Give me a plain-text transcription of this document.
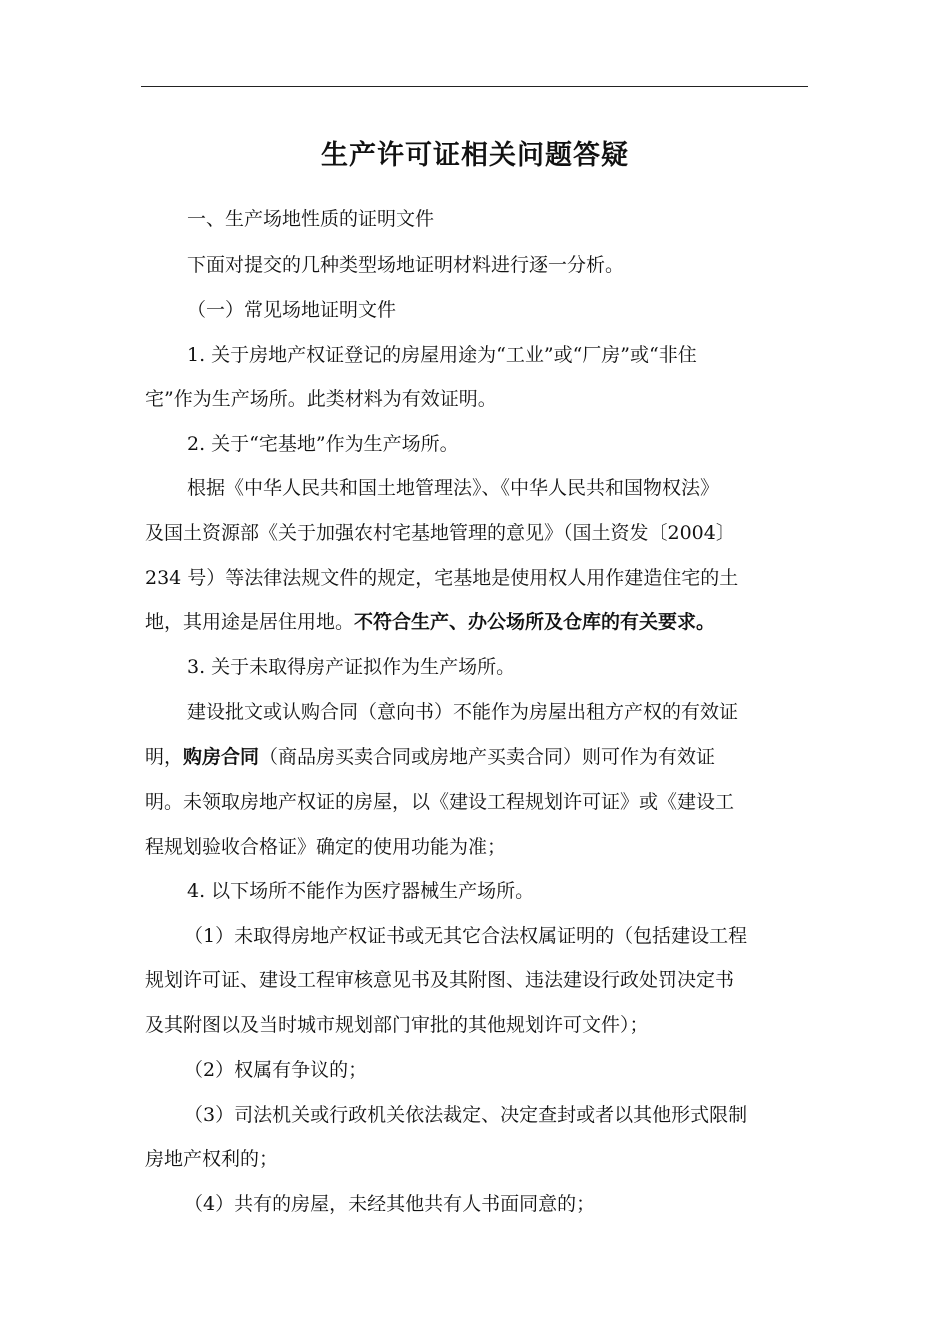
生产许可证相关问题答疑
一、生产场地性质的证明文件
下面对提交的几种类型场地证明材料进行逐一分析。
（一）常见场地证明文件
1. 关于房地产权证登记的房屋用途为“工业”或“厂房”或“非住
宅”作为生产场所。此类材料为有效证明。
2. 关于“宅基地”作为生产场所。
根据《中华人民共和国土地管理法》、《中华人民共和国物权法》
及国土资源部《关于加强农村宅基地管理的意见》（国土资发〔2004〕
234 号）等法律法规文件的规定，宅基地是使用权人用作建造住宅的土
地，其用途是居住用地。不符合生产、办公场所及仓库的有关要求。
3. 关于未取得房产证拟作为生产场所。
建设批文或认购合同（意向书）不能作为房屋出租方产权的有效证
明，购房合同（商品房买卖合同或房地产买卖合同）则可作为有效证
明。未领取房地产权证的房屋，以《建设工程规划许可证》或《建设工
程规划验收合格证》确定的使用功能为准；
4. 以下场所不能作为医疗器械生产场所。
（1）未取得房地产权证书或无其它合法权属证明的（包括建设工程
规划许可证、建设工程审核意见书及其附图、违法建设行政处罚决定书
及其附图以及当时城市规划部门审批的其他规划许可文件）；
（2）权属有争议的；
（3）司法机关或行政机关依法裁定、决定查封或者以其他形式限制
房地产权利的；
（4）共有的房屋，未经其他共有人书面同意的；
